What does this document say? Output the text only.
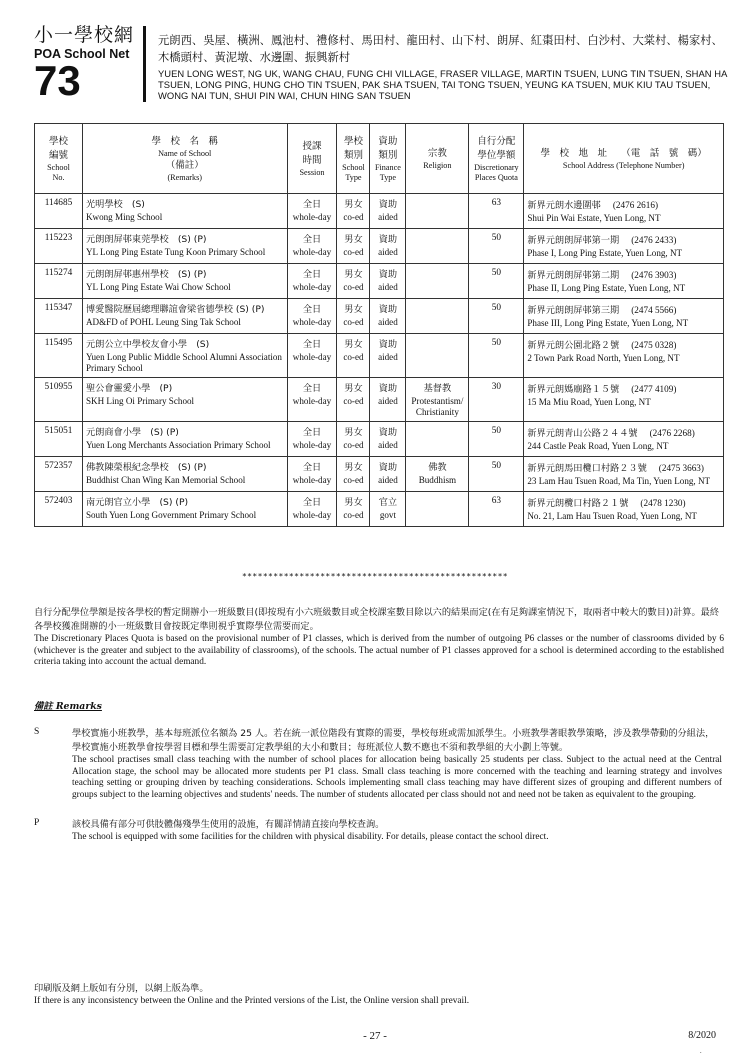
小一學校網
POA School Net
73
元朗西、吳屋、橫洲、鳳池村、禮修村、馬田村、龍田村、山下村、朗屏、紅棗田村、白沙村、大棠村、楊家村、木橋頭村、黃泥墩、水邊圍、振興新村
YUEN LONG WEST, NG UK, WANG CHAU, FUNG CHI VILLAGE, FRASER VILLAGE, MARTIN TSUEN, LUNG TIN TSUEN, SHAN HA TSUEN, LONG PING, HUNG CHO TIN TSUEN, PAK SHA TSUEN, TAI TONG TSUEN, YEUNG KA TSUEN, MUK KIU TAU TSUEN, WONG NAI TUN, SHUI PIN WAI, CHUN HING SAN TSUEN
學校
編號
School
No.	學　校　名　稱
Name of School
（備註）
(Remarks)	授課
時間
Session	學校
類別
School
Type	資助
類別
Finance
Type	宗教
Religion	自行分配
學位學額
Discretionary
Places Quota	學　校　地　址　　（電　話　號　碼）
School Address (Telephone Number)

114685	光明學校　(S)
Kwong Ming School	全日
whole-day	男女
co-ed	資助
aided		63	新界元朗水邊圍邨 (2476 2616)
Shui Pin Wai Estate, Yuen Long, NT

115223	元朗朗屏邨東莞學校　(S) (P)
YL Long Ping Estate Tung Koon Primary School	全日
whole-day	男女
co-ed	資助
aided		50	新界元朗朗屏邨第一期 (2476 2433)
Phase I, Long Ping Estate, Yuen Long, NT

115274	元朗朗屏邨惠州學校　(S) (P)
YL Long Ping Estate Wai Chow School	全日
whole-day	男女
co-ed	資助
aided		50	新界元朗朗屏邨第二期 (2476 3903)
Phase II, Long Ping Estate, Yuen Long, NT

115347	博愛醫院歷屆總理聯誼會梁省德學校 (S) (P)
AD&FD of POHL Leung Sing Tak School	全日
whole-day	男女
co-ed	資助
aided		50	新界元朗朗屏邨第三期 (2474 5566)
Phase III, Long Ping Estate, Yuen Long, NT

115495	元朗公立中學校友會小學　(S)
Yuen Long Public Middle School Alumni Association Primary School	全日
whole-day	男女
co-ed	資助
aided		50	新界元朗公園北路２號 (2475 0328)
2 Town Park Road North, Yuen Long, NT

510955	聖公會靈愛小學　(P)
SKH Ling Oi Primary School	全日
whole-day	男女
co-ed	資助
aided	基督教
Protestantism/ Christianity	30	新界元朗媽廟路１５號 (2477 4109)
15 Ma Miu Road, Yuen Long, NT

515051	元朗商會小學　(S) (P)
Yuen Long Merchants Association Primary School	全日
whole-day	男女
co-ed	資助
aided		50	新界元朗青山公路２４４號 (2476 2268)
244 Castle Peak Road, Yuen Long, NT

572357	佛教陳榮根紀念學校　(S) (P)
Buddhist Chan Wing Kan Memorial School	全日
whole-day	男女
co-ed	資助
aided	佛教
Buddhism	50	新界元朗馬田欖口村路２３號 (2475 3663)
23 Lam Hau Tsuen Road, Ma Tin, Yuen Long, NT

572403	南元朗官立小學　(S) (P)
South Yuen Long Government Primary School	全日
whole-day	男女
co-ed	官立
govt		63	新界元朗欖口村路２１號 (2478 1230)
No. 21, Lam Hau Tsuen Road, Yuen Long, NT
***************************************************
自行分配學位學額是按各學校的暫定開辦小一班級數目(即按現有小六班級數目或全校課室數目除以六的結果而定(在有足夠課室情況下，取兩者中較大的數目))計算。最終各學校獲准開辦的小一班級數目會按既定準則視乎實際學位需要而定。
The Discretionary Places Quota is based on the provisional number of P1 classes, which is derived from the number of outgoing P6 classes or the number of classrooms divided by 6 (whichever is the greater and subject to the availability of classrooms), of the schools. The actual number of P1 classes approved for a school is determined according to the established criteria taking into account the actual demand.
備註 Remarks
S	學校實施小班教學，基本每班派位名額為 25 人。若在統一派位階段有實際的需要，學校每班或需加派學生。小班教學著眼教學策略，涉及教學帶動的分組法，學校實施小班教學會按學習目標和學生需要訂定教學組的大小和數目；每班派位人數不應也不須和教學組的大小劃上等號。
The school practises small class teaching with the number of school places for allocation being basically 25 students per class. Subject to the actual need at the Central Allocation stage, the school may be allocated more students per P1 class. Small class teaching is more concerned with the teaching and learning strategy and involves teaching setting or grouping driven by teaching considerations. Schools implementing small class teaching may have different sizes of grouping and different numbers of groups subject to the learning objectives and students' needs. The number of students allocated per class should not and need not be taken as equivalent to the grouping.
P	該校具備有部分可供肢體傷殘學生使用的設施，有關詳情請直接向學校查詢。
The school is equipped with some facilities for the children with physical disability. For details, please contact the school direct.
印刷版及網上版如有分別，以網上版為準。
If there is any inconsistency between the Online and the Printed versions of the List, the Online version shall prevail.
- 27 -	8/2020
·
